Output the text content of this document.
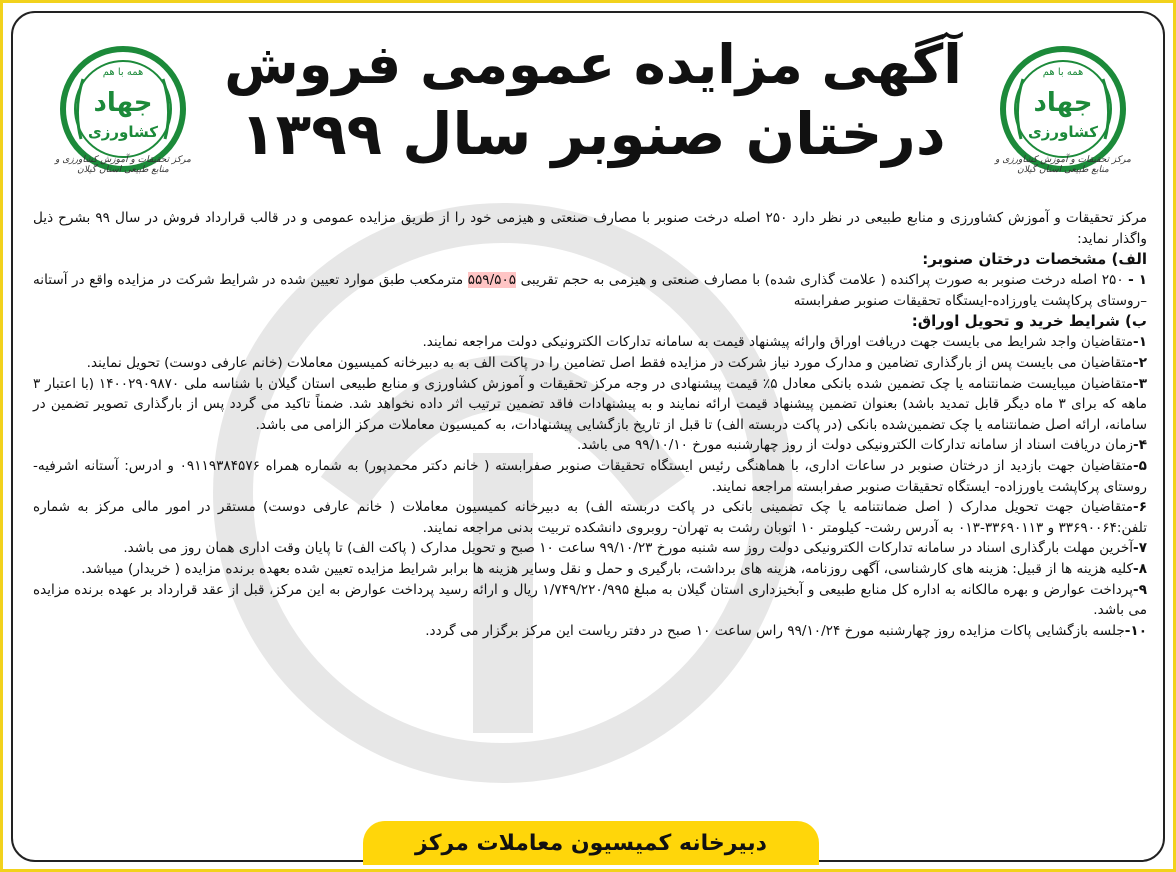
همه با هم
جهاد
کشاورزی
مرکز تحقیقات و آموزش کشاورزی و منابع طبیعی استان گیلان
همه با هم
جهاد
کشاورزی
مرکز تحقیقات و آموزش کشاورزی و منابع طبیعی استان گیلان
آگهی مزایده عمومی فروش
درختان صنوبر سال ۱۳۹۹

مرکز تحقیقات و آموزش کشاورزی و منابع طبیعی در نظر دارد ۲۵۰ اصله درخت صنوبر با مصارف صنعتی و هیزمی خود را از طریق مزایده عمومی و در قالب قرارداد فروش در سال ۹۹ بشرح ذیل واگذار نماید:

الف) مشخصات درختان صنوبر:

۱ - ۲۵۰ اصله درخت صنوبر به صورت پراکنده ( علامت گذاری شده) با مصارف صنعتی و هیزمی به حجم تقریبی ۵۵۹/۵۰۵ مترمکعب طبق موارد تعیین شده در شرایط شرکت در مزایده واقع در آستانه –روستای پرکاپشت یاورزاده-ایستگاه تحقیقات صنوبر صفرابسته

ب) شرایط خرید و تحویل اوراق:

۱-متقاضیان واجد شرایط می بایست جهت دریافت اوراق وارائه پیشنهاد قیمت به سامانه تدارکات الکترونیکی دولت مراجعه نمایند.

۲-متقاضیان می بایست پس از بارگذاری تضامین و مدارک مورد نیاز شرکت در مزایده فقط اصل تضامین را در پاکت الف به به دبیرخانه کمیسیون معاملات (خانم عارفی دوست) تحویل نمایند.

۳-متقاضیان میبایست ضمانتنامه یا چک تضمین شده بانکی معادل ۵٪ قیمت پیشنهادی در وجه مرکز تحقیقات و آموزش کشاورزی و منابع طبیعی استان گیلان با شناسه ملی ۱۴۰۰۲۹۰۹۸۷۰ (با اعتبار ۳ ماهه که برای ۳ ماه دیگر قابل تمدید باشد) بعنوان تضمین پیشنهاد قیمت ارائه نمایند و به پیشنهادات فاقد تضمین ترتیب اثر داده نخواهد شد. ضمناً تاکید می گردد پس از بارگذاری تصویر تضمین در سامانه، ارائه اصل ضمانتنامه یا چک تضمین‌شده بانکی (در پاکت دربسته الف) تا قبل از تاریخ بازگشایی پیشنهادات، به کمیسیون معاملات مرکز الزامی می باشد.

۴-زمان دریافت اسناد از سامانه تدارکات الکترونیکی دولت از روز چهارشنبه مورخ ۹۹/۱۰/۱۰ می باشد.

۵-متقاضیان جهت بازدید از درختان صنوبر در ساعات اداری، با هماهنگی رئیس ایستگاه تحقیقات صنوبر صفرابسته ( خانم دکتر محمدپور) به شماره همراه ۰۹۱۱۹۳۸۴۵۷۶ و ادرس: آستانه اشرفیه- روستای پرکاپشت یاورزاده- ایستگاه تحقیقات صنوبر صفرابسته مراجعه نمایند.

۶-متقاضیان جهت تحویل مدارک ( اصل ضمانتنامه یا چک تضمینی بانکی در پاکت دربسته الف) به دبیرخانه کمیسیون معاملات ( خانم عارفی دوست) مستقر در امور مالی مرکز به شماره تلفن:۳۳۶۹۰۰۶۴ و ۳۳۶۹۰۱۱۳-۰۱۳ به آدرس رشت- کیلومتر ۱۰ اتوبان رشت به تهران- روبروی دانشکده تربیت بدنی مراجعه نمایند.

۷-آخرین مهلت بارگذاری اسناد در سامانه تدارکات الکترونیکی دولت روز سه شنبه مورخ ۹۹/۱۰/۲۳ ساعت ۱۰ صبح و تحویل مدارک ( پاکت الف) تا پایان وقت اداری همان روز می باشد.

۸-کلیه هزینه ها از قبیل: هزینه های کارشناسی، آگهی روزنامه، هزینه های برداشت، بارگیری و حمل و نقل وسایر هزینه ها برابر شرایط مزایده تعیین شده بعهده برنده مزایده ( خریدار) میباشد.

۹-پرداخت عوارض و بهره مالکانه به اداره کل منابع طبیعی و آبخیزداری استان گیلان به مبلغ ۱/۷۴۹/۲۲۰/۹۹۵ ریال و ارائه رسید پرداخت عوارض به این مرکز، قبل از عقد قرارداد بر عهده برنده مزایده می باشد.

۱۰-جلسه بازگشایی پاکات مزایده روز چهارشنبه مورخ ۹۹/۱۰/۲۴ راس ساعت ۱۰ صبح در دفتر ریاست این مرکز برگزار می گردد.

دبیرخانه کمیسیون معاملات مرکز
